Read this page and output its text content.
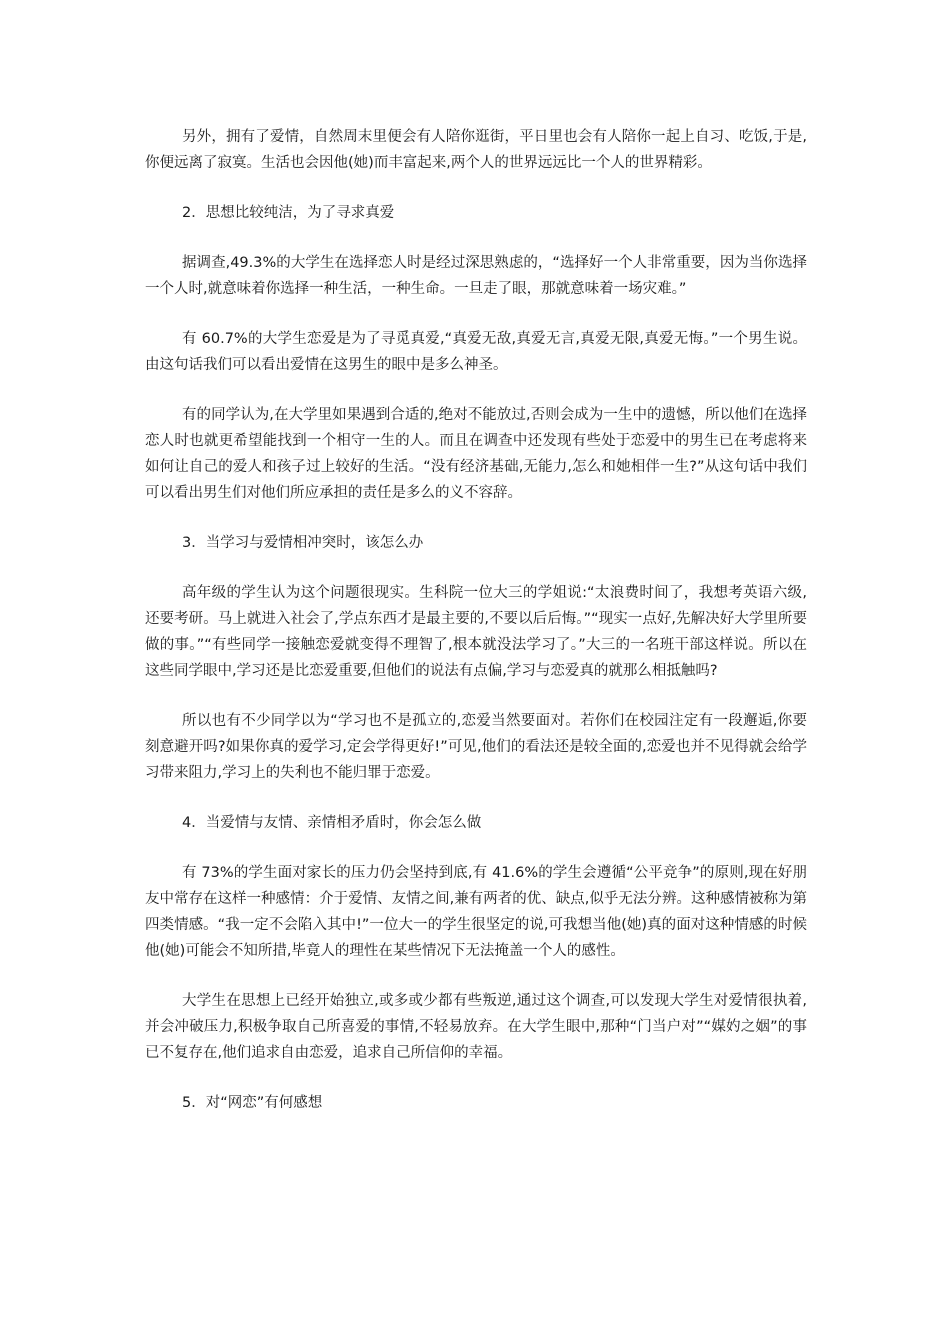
另外，拥有了爱情，自然周末里便会有人陪你逛街，平日里也会有人陪你一起上自习、吃饭,于是,你便远离了寂寞。生活也会因他(她)而丰富起来,两个人的世界远远比一个人的世界精彩。

2．思想比较纯洁，为了寻求真爱

据调查,49.3%的大学生在选择恋人时是经过深思熟虑的，“选择好一个人非常重要，因为当你选择一个人时,就意味着你选择一种生活，一种生命。一旦走了眼，那就意味着一场灾难。”

有 60.7%的大学生恋爱是为了寻觅真爱,“真爱无敌,真爱无言,真爱无限,真爱无悔。”一个男生说。由这句话我们可以看出爱情在这男生的眼中是多么神圣。

有的同学认为,在大学里如果遇到合适的,绝对不能放过,否则会成为一生中的遗憾，所以他们在选择恋人时也就更希望能找到一个相守一生的人。而且在调查中还发现有些处于恋爱中的男生已在考虑将来如何让自己的爱人和孩子过上较好的生活。“没有经济基础,无能力,怎么和她相伴一生?”从这句话中我们可以看出男生们对他们所应承担的责任是多么的义不容辞。

3．当学习与爱情相冲突时，该怎么办

高年级的学生认为这个问题很现实。生科院一位大三的学姐说:“太浪费时间了，我想考英语六级,还要考研。马上就进入社会了,学点东西才是最主要的,不要以后后悔。”“现实一点好,先解决好大学里所要做的事。”“有些同学一接触恋爱就变得不理智了,根本就没法学习了。”大三的一名班干部这样说。所以在这些同学眼中,学习还是比恋爱重要,但他们的说法有点偏,学习与恋爱真的就那么相抵触吗?

所以也有不少同学以为“学习也不是孤立的,恋爱当然要面对。若你们在校园注定有一段邂逅,你要刻意避开吗?如果你真的爱学习,定会学得更好!”可见,他们的看法还是较全面的,恋爱也并不见得就会给学习带来阻力,学习上的失利也不能归罪于恋爱。

4．当爱情与友情、亲情相矛盾时，你会怎么做

有 73%的学生面对家长的压力仍会坚持到底,有 41.6%的学生会遵循“公平竞争”的原则,现在好朋友中常存在这样一种感情：介于爱情、友情之间,兼有两者的优、缺点,似乎无法分辨。这种感情被称为第四类情感。“我一定不会陷入其中!”一位大一的学生很坚定的说,可我想当他(她)真的面对这种情感的时候他(她)可能会不知所措,毕竟人的理性在某些情况下无法掩盖一个人的感性。

大学生在思想上已经开始独立,或多或少都有些叛逆,通过这个调查,可以发现大学生对爱情很执着,并会冲破压力,积极争取自己所喜爱的事情,不轻易放弃。在大学生眼中,那种“门当户对”“媒妁之姻”的事已不复存在,他们追求自由恋爱，追求自己所信仰的幸福。

5．对“网恋”有何感想
